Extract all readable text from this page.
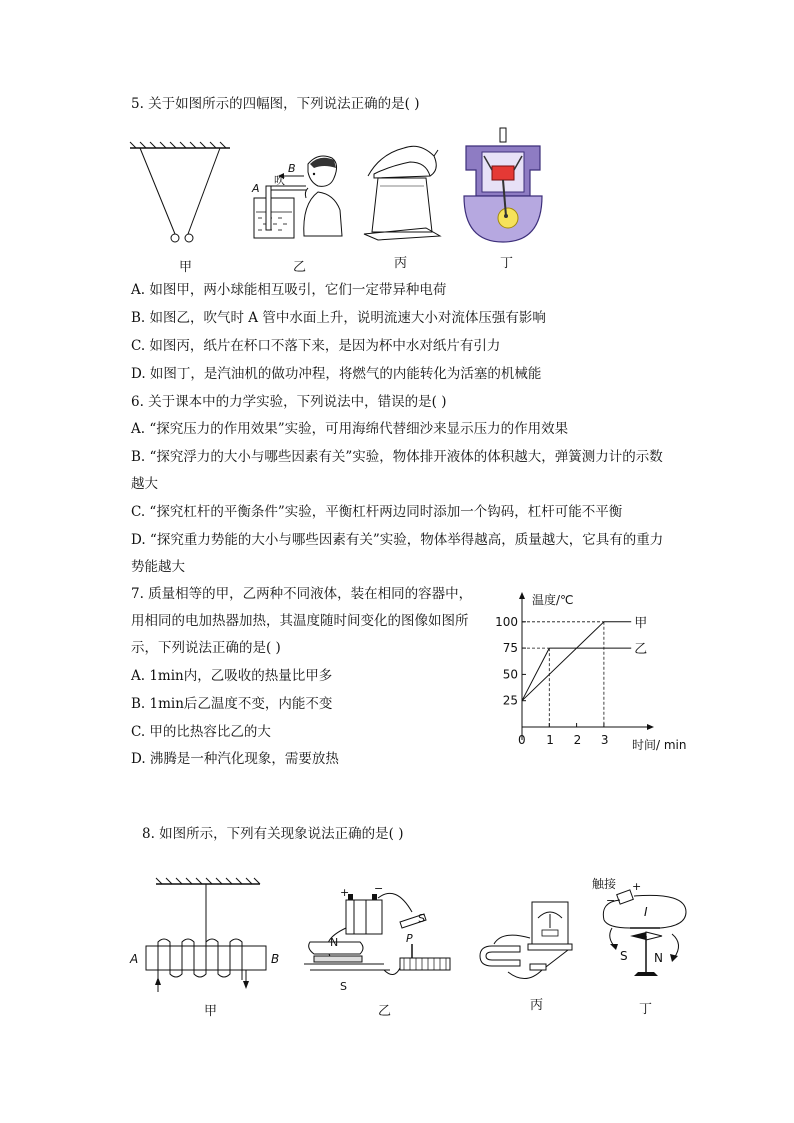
5. 关于如图所示的四幅图，下列说法正确的是( )
B
A
吹
甲	乙	丙	丁
A. 如图甲，两小球能相互吸引，它们一定带异种电荷
B. 如图乙，吹气时 A 管中水面上升，说明流速大小对流体压强有影响
C. 如图丙，纸片在杯口不落下来，是因为杯中水对纸片有引力
D. 如图丁，是汽油机的做功冲程，将燃气的内能转化为活塞的机械能
6. 关于课本中的力学实验，下列说法中，错误的是( )
A. “探究压力的作用效果”实验，可用海绵代替细沙来显示压力的作用效果
B. “探究浮力的大小与哪些因素有关”实验，物体排开液体的体积越大，弹簧测力计的示数
越大
C. “探究杠杆的平衡条件”实验，平衡杠杆两边同时添加一个钩码，杠杆可能不平衡
D. “探究重力势能的大小与哪些因素有关”实验，物体举得越高，质量越大，它具有的重力
势能越大
7. 质量相等的甲，乙两种不同液体，装在相同的容器中，
用相同的电加热器加热，其温度随时间变化的图像如图所
示，下列说法正确的是( )
A. 1min内，乙吸收的热量比甲多
B. 1min后乙温度不变，内能不变
C. 甲的比热容比乙的大
D. 沸腾是一种汽化现象，需要放热
温度/℃
时间/ min
0 1 2 3
25
50
75
100	甲
乙
8. 如图所示，下列有关现象说法正确的是( )
A	B
+ −
N
S
S
P
触接 +
−
I
S N
甲	乙	丙	丁
